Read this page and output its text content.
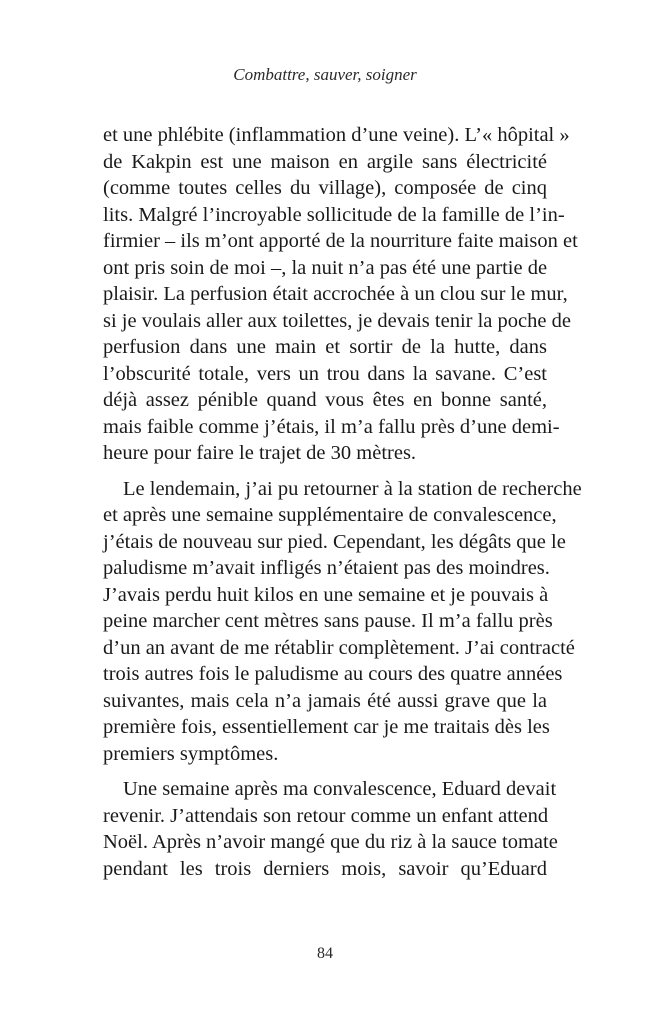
Combattre, sauver, soigner

et une phlébite (inflammation d’une veine). L’« hôpital »
de Kakpin est une maison en argile sans électricité
(comme toutes celles du village), composée de cinq
lits. Malgré l’incroyable sollicitude de la famille de l’in-
firmier – ils m’ont apporté de la nourriture faite maison et
ont pris soin de moi –, la nuit n’a pas été une partie de
plaisir. La perfusion était accrochée à un clou sur le mur,
si je voulais aller aux toilettes, je devais tenir la poche de
perfusion dans une main et sortir de la hutte, dans
l’obscurité totale, vers un trou dans la savane. C’est
déjà assez pénible quand vous êtes en bonne santé,
mais faible comme j’étais, il m’a fallu près d’une demi-
heure pour faire le trajet de 30 mètres.

Le lendemain, j’ai pu retourner à la station de recherche
et après une semaine supplémentaire de convalescence,
j’étais de nouveau sur pied. Cependant, les dégâts que le
paludisme m’avait infligés n’étaient pas des moindres.
J’avais perdu huit kilos en une semaine et je pouvais à
peine marcher cent mètres sans pause. Il m’a fallu près
d’un an avant de me rétablir complètement. J’ai contracté
trois autres fois le paludisme au cours des quatre années
suivantes, mais cela n’a jamais été aussi grave que la
première fois, essentiellement car je me traitais dès les
premiers symptômes.

Une semaine après ma convalescence, Eduard devait
revenir. J’attendais son retour comme un enfant attend
Noël. Après n’avoir mangé que du riz à la sauce tomate
pendant les trois derniers mois, savoir qu’Eduard

84
